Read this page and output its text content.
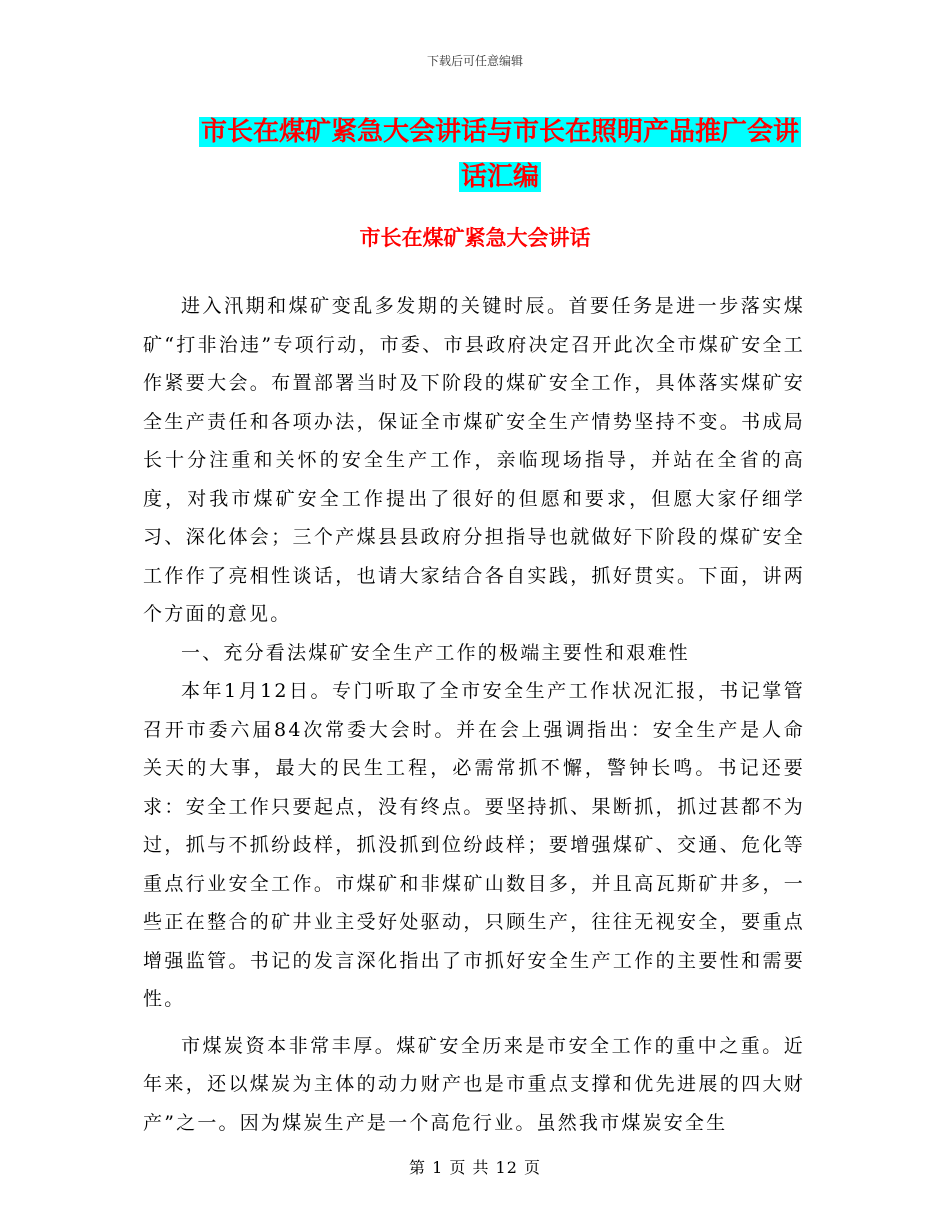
下载后可任意编辑
市长在煤矿紧急大会讲话与市长在照明产品推广会讲
话汇编
市长在煤矿紧急大会讲话

进入汛期和煤矿变乱多发期的关键时辰。首要任务是进一步落实煤矿“打非治违”专项行动，市委、市县政府决定召开此次全市煤矿安全工作紧要大会。布置部署当时及下阶段的煤矿安全工作，具体落实煤矿安全生产责任和各项办法，保证全市煤矿安全生产情势坚持不变。书成局长十分注重和关怀的安全生产工作，亲临现场指导，并站在全省的高度，对我市煤矿安全工作提出了很好的但愿和要求，但愿大家仔细学习、深化体会；三个产煤县县政府分担指导也就做好下阶段的煤矿安全工作作了亮相性谈话，也请大家结合各自实践，抓好贯实。下面，讲两个方面的意见。

一、充分看法煤矿安全生产工作的极端主要性和艰难性

本年1月12日。专门听取了全市安全生产工作状况汇报，书记掌管召开市委六届84次常委大会时。并在会上强调指出：安全生产是人命关天的大事，最大的民生工程，必需常抓不懈，警钟长鸣。书记还要求：安全工作只要起点，没有终点。要坚持抓、果断抓，抓过甚都不为过，抓与不抓纷歧样，抓没抓到位纷歧样；要增强煤矿、交通、危化等重点行业安全工作。市煤矿和非煤矿山数目多，并且高瓦斯矿井多，一些正在整合的矿井业主受好处驱动，只顾生产，往往无视安全，要重点增强监管。书记的发言深化指出了市抓好安全生产工作的主要性和需要性。

市煤炭资本非常丰厚。煤矿安全历来是市安全工作的重中之重。近年来，还以煤炭为主体的动力财产也是市重点支撑和优先进展的四大财产”之一。因为煤炭生产是一个高危行业。虽然我市煤炭安全生

第 1 页 共 12 页
